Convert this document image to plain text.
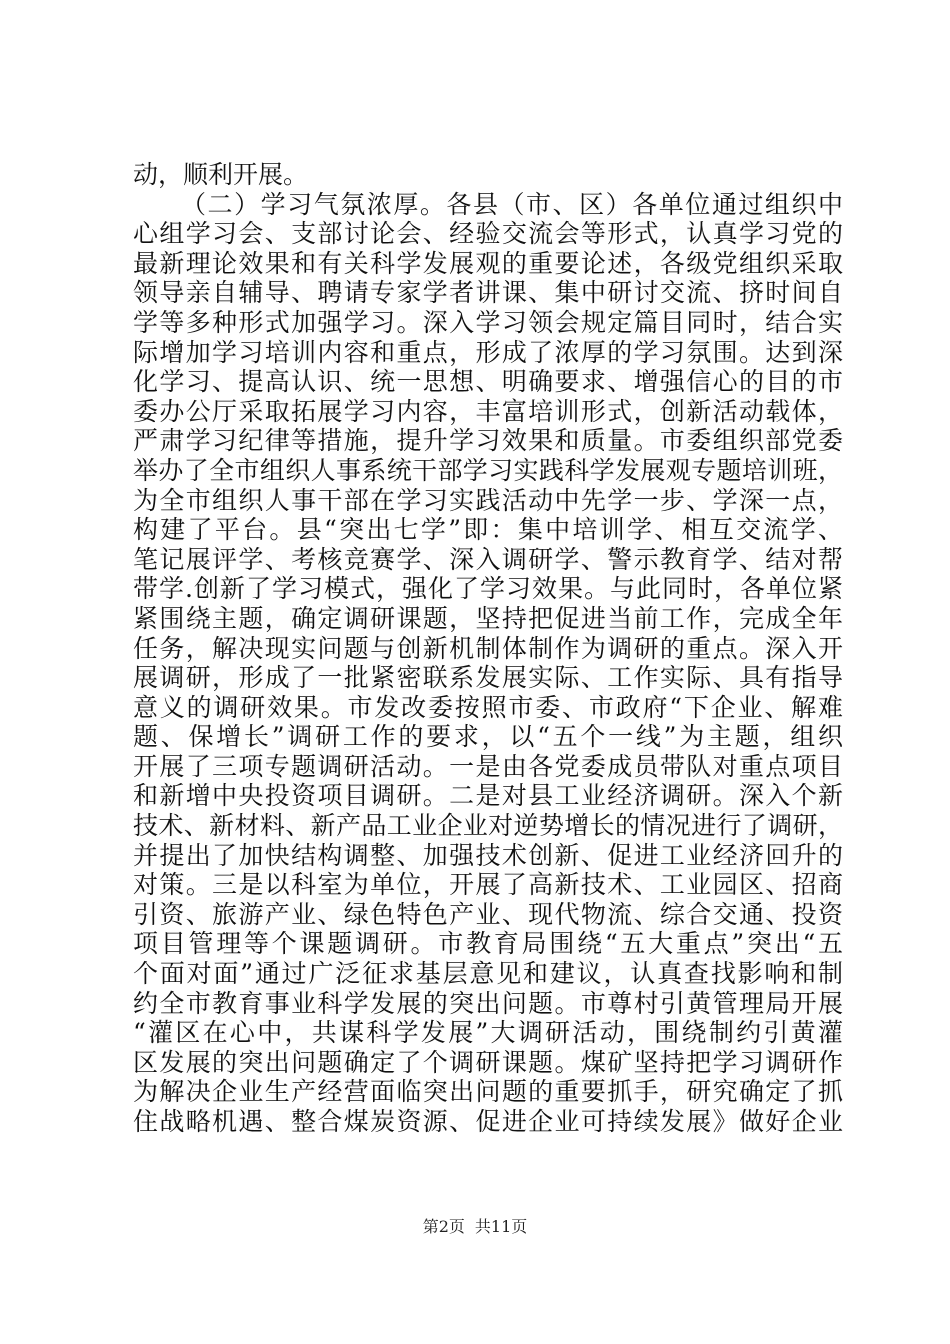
动，顺利开展。
（二）学习气氛浓厚。各县（市、区）各单位通过组织中
心组学习会、支部讨论会、经验交流会等形式，认真学习党的
最新理论效果和有关科学发展观的重要论述，各级党组织采取
领导亲自辅导、聘请专家学者讲课、集中研讨交流、挤时间自
学等多种形式加强学习。深入学习领会规定篇目同时，结合实
际增加学习培训内容和重点，形成了浓厚的学习氛围。达到深
化学习、提高认识、统一思想、明确要求、增强信心的目的市
委办公厅采取拓展学习内容，丰富培训形式，创新活动载体，
严肃学习纪律等措施，提升学习效果和质量。市委组织部党委
举办了全市组织人事系统干部学习实践科学发展观专题培训班，
为全市组织人事干部在学习实践活动中先学一步、学深一点，
构建了平台。县“突出七学”即：集中培训学、相互交流学、
笔记展评学、考核竞赛学、深入调研学、警示教育学、结对帮
带学.创新了学习模式，强化了学习效果。与此同时，各单位紧
紧围绕主题，确定调研课题，坚持把促进当前工作，完成全年
任务，解决现实问题与创新机制体制作为调研的重点。深入开
展调研，形成了一批紧密联系发展实际、工作实际、具有指导
意义的调研效果。市发改委按照市委、市政府“下企业、解难
题、保增长”调研工作的要求，以“五个一线”为主题，组织
开展了三项专题调研活动。一是由各党委成员带队对重点项目
和新增中央投资项目调研。二是对县工业经济调研。深入个新
技术、新材料、新产品工业企业对逆势增长的情况进行了调研，
并提出了加快结构调整、加强技术创新、促进工业经济回升的
对策。三是以科室为单位，开展了高新技术、工业园区、招商
引资、旅游产业、绿色特色产业、现代物流、综合交通、投资
项目管理等个课题调研。市教育局围绕“五大重点”突出“五
个面对面”通过广泛征求基层意见和建议，认真查找影响和制
约全市教育事业科学发展的突出问题。市尊村引黄管理局开展
“灌区在心中，共谋科学发展”大调研活动，围绕制约引黄灌
区发展的突出问题确定了个调研课题。煤矿坚持把学习调研作
为解决企业生产经营面临突出问题的重要抓手，研究确定了抓
住战略机遇、整合煤炭资源、促进企业可持续发展》做好企业
第2页 共11页
